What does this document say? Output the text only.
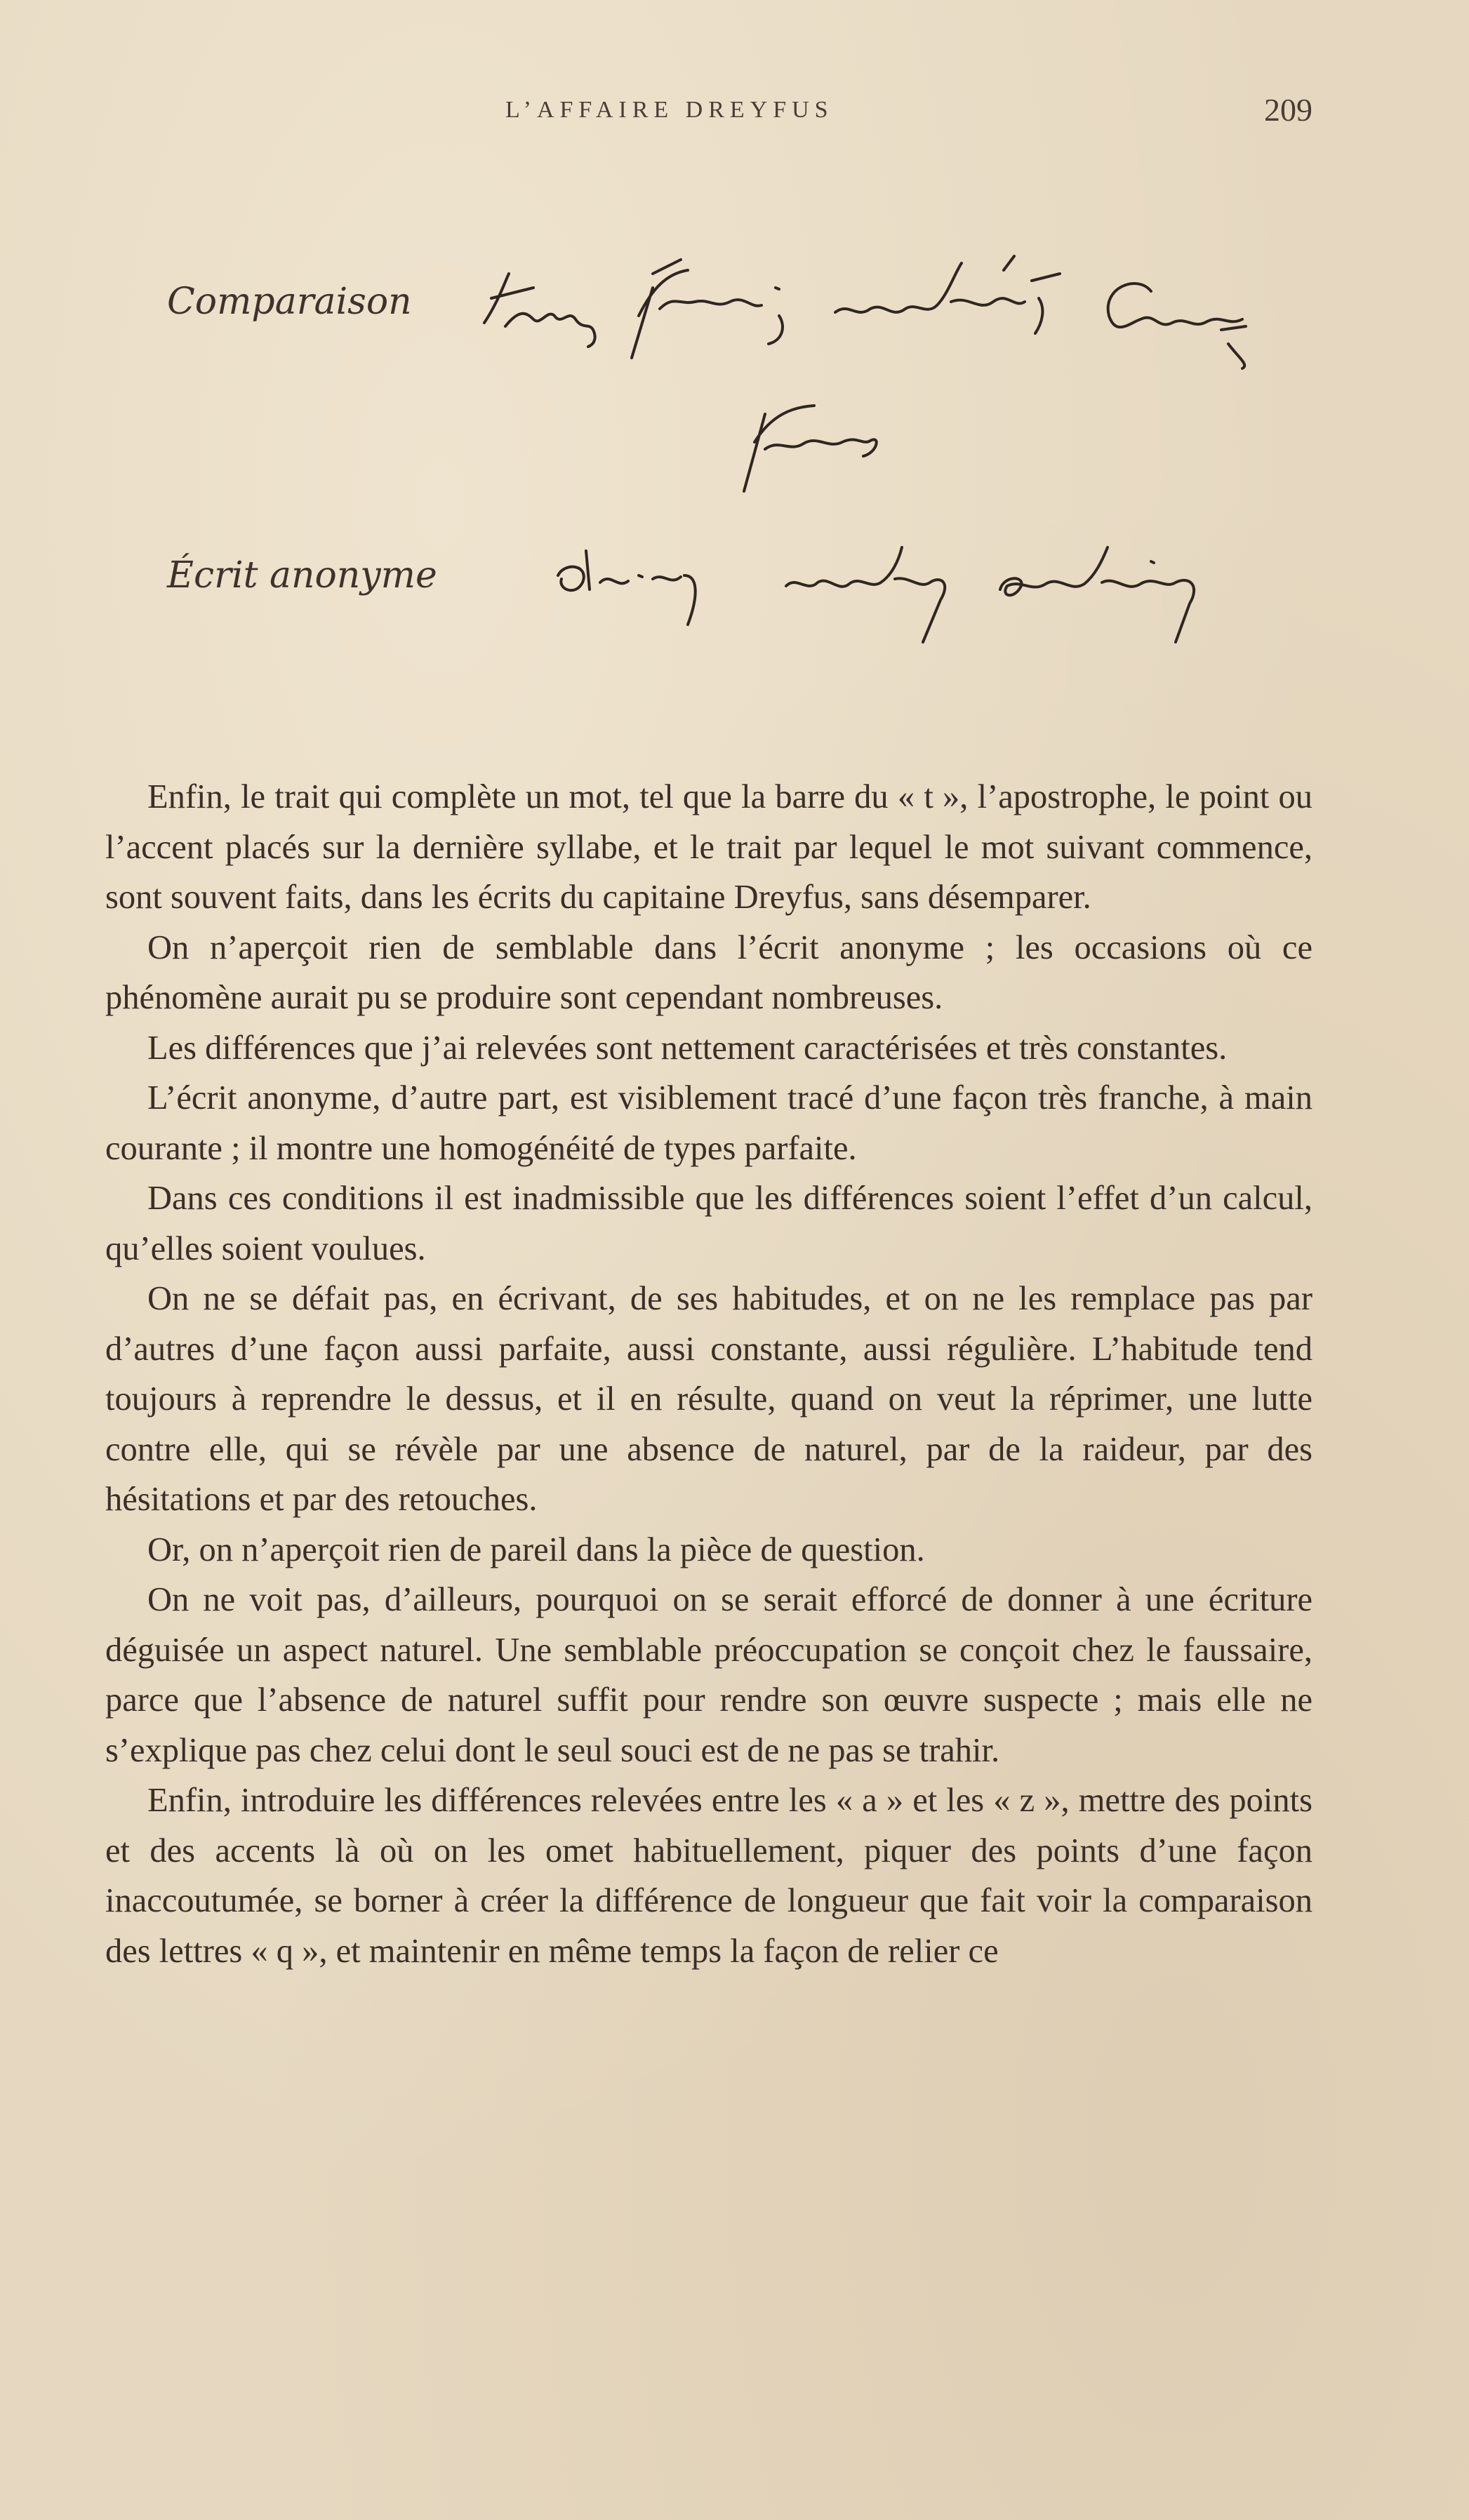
L’AFFAIRE DREYFUS	209
Comparaison
Écrit anonyme

Enfin, le trait qui complète un mot, tel que la barre du « t », l’apostrophe, le point ou l’accent placés sur la dernière syllabe, et le trait par lequel le mot suivant commence, sont souvent faits, dans les écrits du capitaine Dreyfus, sans désemparer.

On n’aperçoit rien de semblable dans l’écrit anonyme ; les occasions où ce phénomène aurait pu se produire sont cependant nombreuses.

Les différences que j’ai relevées sont nettement caractérisées et très constantes.

L’écrit anonyme, d’autre part, est visiblement tracé d’une façon très franche, à main courante ; il montre une homogénéité de types parfaite.

Dans ces conditions il est inadmissible que les différences soient l’effet d’un calcul, qu’elles soient voulues.

On ne se défait pas, en écrivant, de ses habitudes, et on ne les remplace pas par d’autres d’une façon aussi parfaite, aussi constante, aussi régulière. L’habitude tend toujours à reprendre le dessus, et il en résulte, quand on veut la réprimer, une lutte contre elle, qui se révèle par une absence de naturel, par de la raideur, par des hésitations et par des retouches.

Or, on n’aperçoit rien de pareil dans la pièce de question.

On ne voit pas, d’ailleurs, pourquoi on se serait efforcé de donner à une écriture déguisée un aspect naturel. Une semblable préoccupation se conçoit chez le faussaire, parce que l’absence de naturel suffit pour rendre son œuvre suspecte ; mais elle ne s’explique pas chez celui dont le seul souci est de ne pas se trahir.

Enfin, introduire les différences relevées entre les « a » et les « z », mettre des points et des accents là où on les omet habituellement, piquer des points d’une façon inaccoutumée, se borner à créer la différence de longueur que fait voir la comparaison des lettres « q », et maintenir en même temps la façon de relier ce
